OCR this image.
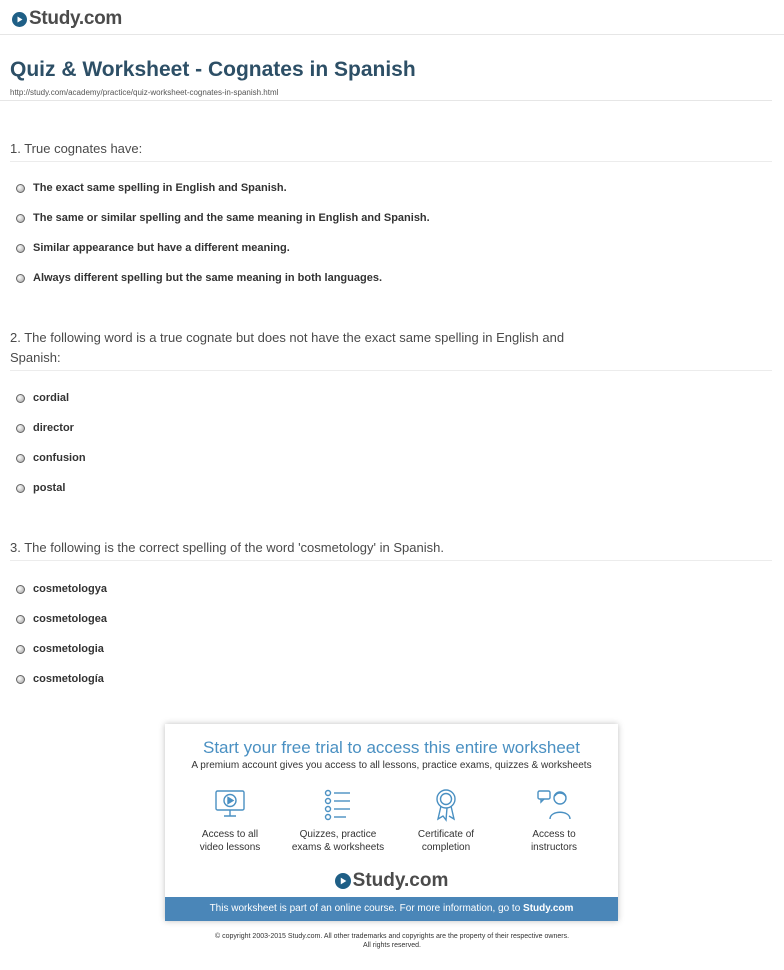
Study.com
Quiz & Worksheet - Cognates in Spanish
http://study.com/academy/practice/quiz-worksheet-cognates-in-spanish.html
1. True cognates have:
The exact same spelling in English and Spanish.
The same or similar spelling and the same meaning in English and Spanish.
Similar appearance but have a different meaning.
Always different spelling but the same meaning in both languages.
2. The following word is a true cognate but does not have the exact same spelling in English and Spanish:
cordial
director
confusion
postal
3. The following is the correct spelling of the word 'cosmetology' in Spanish.
cosmetologya
cosmetologea
cosmetologia
cosmetología
Start your free trial to access this entire worksheet
A premium account gives you access to all lessons, practice exams, quizzes & worksheets
Access to all
video lessons
Quizzes, practice
exams & worksheets
Certificate of
completion
Access to
instructors
Study.com
This worksheet is part of an online course. For more information, go to Study.com
© copyright 2003-2015 Study.com. All other trademarks and copyrights are the property of their respective owners.
All rights reserved.
